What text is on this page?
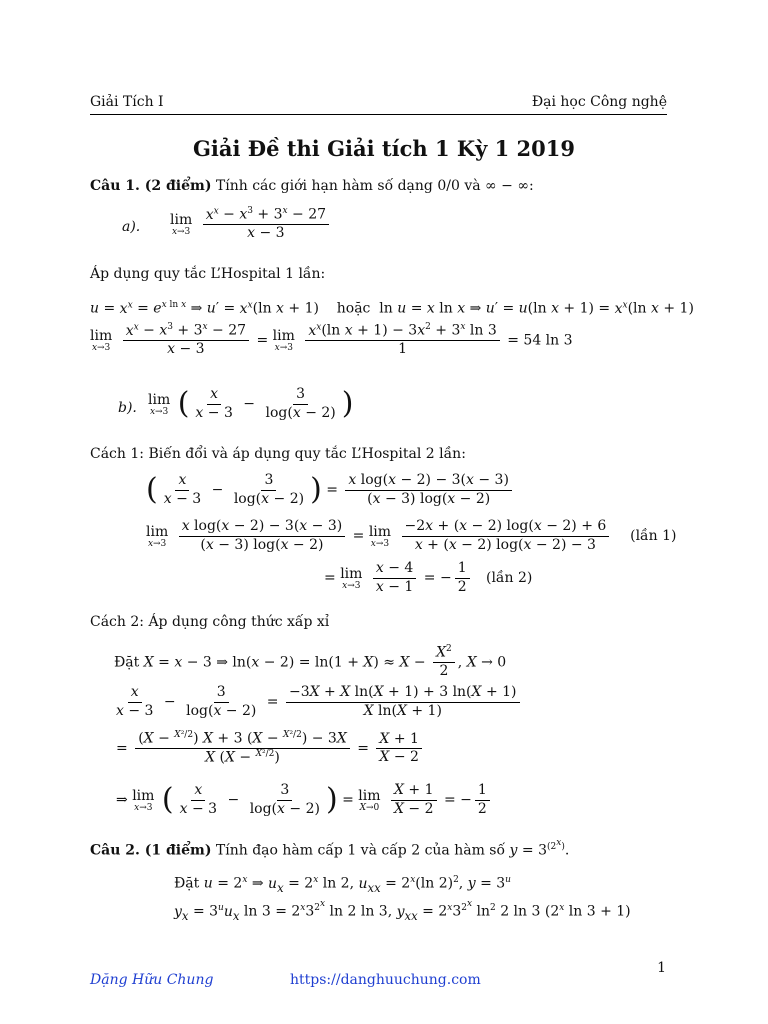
Giải Tích I	Đại học Công nghệ
Giải Đề thi Giải tích 1 Kỳ 1 2019
Câu 1. (2 điểm) Tính các giới hạn hàm số dạng 0/0 và ∞ − ∞:
a). lim
x→3
$\frac{x^x - x^3 + 3^x - 27}{x - 3}$
Áp dụng quy tắc L’Hospital 1 lần:
$u = x^x = e^{x ln x}$ ⇒ $u' = x^x(\ln$ x + 1)    hoặc  ln u = x ln x ⇒ u′ = u(ln $x + 1) = x^x(\ln$ x + 1)
lim
x→3
$\frac{x^x - x^3 + 3^x - 27}{x - 3} = \lim$
x→3
$\frac{x^x(\ln x + 1) - 3x^2 + 3^x \ln 3}{1} = 54$ ln 3
b).
lim
x→3 ( $\frac{x}{x - 3} - \frac{3}{\log(x - 2)}$ )
Cách 1: Biến đổi và áp dụng quy tắc L’Hospital 2 lần:
( $\frac{x}{x - 3} - \frac{3}{\log(x - 2)}$ ) = $\frac{\text{x log(x − 2) − 3(x − 3)}}{(x - 3) \log(x - 2)}$
lim
x→3
$\frac{\text{x log(x − 2) − 3(x − 3)}}{(x - 3) \log(x - 2)} = \lim$
x→3
$\frac{-2x + (x - 2) \log(x - 2) + 6}{x + (x - 2) \log(x - 2) - 3}$ (lần 1)
= lim
x→3
$\frac{x - 4}{x - 1}$ = − $\frac{1}{2}$ (lần 2)
Cách 2: Áp dụng công thức xấp xỉ
Đặt X = x − 3 ⇒ $\ln(x - 2) = \ln(1 + X) \approx X - \frac{X^2}{2}$ , X → 0
$\frac{x}{x - 3} - \frac{3}{\log(x - 2)} = \frac{\text{−3X + X ln(X + 1) + 3 ln(X + 1)}}{\text{X ln(X + 1)}}$
= $\frac{(X - ^{X^2/2}) X + 3 (X - ^{X^2/2}) - 3X}{X (X - ^{X^2/2})} = \frac{X + 1}{X - 2}$
⇒ lim
x→3 ( $\frac{x}{x - 3} - \frac{3}{\log(x - 2)}$ ) = lim
X→0
$\frac{X + 1}{X - 2}$ = − $\frac{1}{2}$
Câu 2. (1 điểm) Tính đạo hàm cấp 1 và cấp 2 của hàm số $y = 3^{(2^x)}$.
Đặt $u = 2^x$ ⇒ $u_x = 2^x$ ln 2, $u_{xx} = 2^x(\ln$ 2)$^2$, $y = 3^u$
$y_x = 3^uu_x$ $\ln 3 = 2^x3^{2^x}$ ln 2 ln 3, $y_{xx} = 2^x3^{2^x}$ $\ln^2 2$ ln 3 (2$^x$ ln 3 + 1)
1
Dặng Hữu Chung	https://danghuuchung.com
